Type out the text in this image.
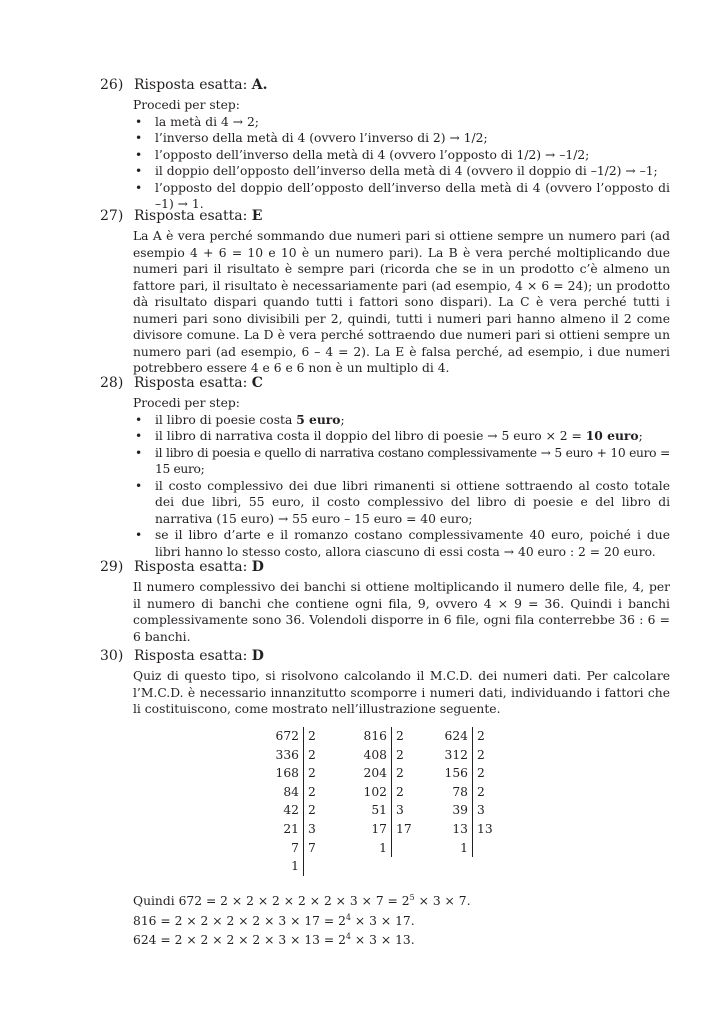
26) Risposta esatta: A.

Procedi per step:

• la metà di 4 → 2;
• l’inverso della metà di 4 (ovvero l’inverso di 2) → 1/2;
• l’opposto dell’inverso della metà di 4 (ovvero l’opposto di 1/2) → –1/2;
• il doppio dell’opposto dell’inverso della metà di 4 (ovvero il doppio di –1/2) → –1;
• l’opposto del doppio dell’opposto dell’inverso della metà di 4 (ovvero l’opposto di –1) → 1.
27) Risposta esatta: E

La A è vera perché sommando due numeri pari si ottiene sempre un numero pari (ad esempio 4 + 6 = 10 e 10 è un numero pari). La B è vera perché moltiplicando due numeri pari il risultato è sempre pari (ricorda che se in un prodotto c’è almeno un fattore pari, il risultato è necessariamente pari (ad esempio, 4 × 6 = 24); un prodotto dà risultato dispari quando tutti i fattori sono dispari). La C è vera perché tutti i numeri pari sono divisibili per 2, quindi, tutti i numeri pari hanno almeno il 2 come divisore comune. La D è vera perché sottraendo due numeri pari si ottieni sempre un numero pari (ad esempio, 6 – 4 = 2). La E è falsa perché, ad esempio, i due numeri potrebbero essere 4 e 6 e 6 non è un multiplo di 4.

28) Risposta esatta: C

Procedi per step:

• il libro di poesie costa 5 euro;
• il libro di narrativa costa il doppio del libro di poesie → 5 euro × 2 = 10 euro;
• il libro di poesia e quello di narrativa costano complessivamente → 5 euro + 10 euro = 15 euro;
• il costo complessivo dei due libri rimanenti si ottiene sottraendo al costo totale dei due libri, 55 euro, il costo complessivo del libro di poesie e del libro di narrativa (15 euro) → 55 euro – 15 euro = 40 euro;
• se il libro d’arte e il romanzo costano complessivamente 40 euro, poiché i due libri hanno lo stesso costo, allora ciascuno di essi costa → 40 euro : 2 = 20 euro.
29) Risposta esatta: D

Il numero complessivo dei banchi si ottiene moltiplicando il numero delle file, 4, per il numero di banchi che contiene ogni fila, 9, ovvero 4 × 9 = 36. Quindi i banchi complessivamente sono 36. Volendoli disporre in 6 file, ogni fila conterrebbe 36 : 6 = 6 banchi.

30) Risposta esatta: D

Quiz di questo tipo, si risolvono calcolando il M.C.D. dei numeri dati. Per calcolare l’M.C.D. è necessario innanzitutto scomporre i numeri dati, individuando i fattori che li costituiscono, come mostrato nell’illustrazione seguente.

672	2
336	2
168	2
84	2
42	2
21	3
7	7
1	
816	2
408	2
204	2
102	2
51	3
17	17
1	
624	2
312	2
156	2
78	2
39	3
13	13
1	

Quindi $672 = 2 \times 2 \times 2 \times 2 \times 2 \times 3 \times 7 = 2^5 \times 3 \times 7$.

$816 = 2 \times 2 \times 2 \times 2 \times 3 \times 17 = 2^4 \times 3 \times 17$.

$624 = 2 \times 2 \times 2 \times 2 \times 3 \times 13 = 2^4 \times 3 \times 13$.
